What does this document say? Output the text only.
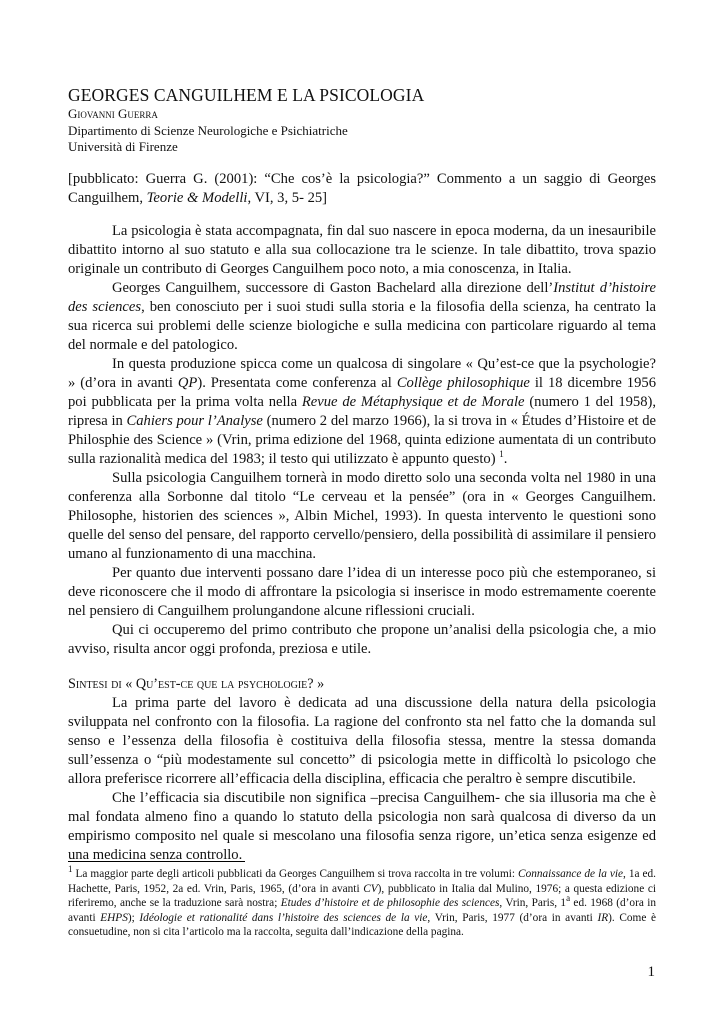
GEORGES CANGUILHEM E LA PSICOLOGIA
Giovanni Guerra
Dipartimento di Scienze Neurologiche e Psichiatriche
Università di Firenze
[pubblicato: Guerra G. (2001): “Che cos’è la psicologia?” Commento a un saggio di Georges Canguilhem, Teorie & Modelli, VI, 3, 5- 25]

La psicologia è stata accompagnata, fin dal suo nascere in epoca moderna, da un inesauribile dibattito intorno al suo statuto e alla sua collocazione tra le scienze. In tale dibattito, trova spazio originale un contributo di Georges Canguilhem poco noto, a mia conoscenza, in Italia.

Georges Canguilhem, successore di Gaston Bachelard alla direzione dell’Institut d’histoire des sciences, ben conosciuto per i suoi studi sulla storia e la filosofia della scienza, ha centrato la sua ricerca sui problemi delle scienze biologiche e sulla medicina con particolare riguardo al tema del normale e del patologico.

In questa produzione spicca come un qualcosa di singolare « Qu’est-ce que la psychologie? » (d’ora in avanti QP). Presentata come conferenza al Collège philosophique il 18 dicembre 1956 poi pubblicata per la prima volta nella Revue de Métaphysique et de Morale (numero 1 del 1958), ripresa in Cahiers pour l’Analyse (numero 2 del marzo 1966), la si trova in « Études d’Histoire et de Philosphie des Science » (Vrin, prima edizione del 1968, quinta edizione aumentata di un contributo sulla razionalità medica del 1983; il testo qui utilizzato è appunto questo) $^1$.

Sulla psicologia Canguilhem tornerà in modo diretto solo una seconda volta nel 1980 in una conferenza alla Sorbonne dal titolo “Le cerveau et la pensée” (ora in « Georges Canguilhem. Philosophe, historien des sciences », Albin Michel, 1993). In questa intervento le questioni sono quelle del senso del pensare, del rapporto cervello/pensiero, della possibilità di assimilare il pensiero umano al funzionamento di una macchina.

Per quanto due interventi possano dare l’idea di un interesse poco più che estemporaneo, si deve riconoscere che il modo di affrontare la psicologia si inserisce in modo estremamente coerente nel pensiero di Canguilhem prolungandone alcune riflessioni cruciali.

Qui ci occuperemo del primo contributo che propone un’analisi della psicologia che, a mio avviso, risulta ancor oggi profonda, preziosa e utile.

Sintesi di « Qu’est-ce que la psychologie? »

La prima parte del lavoro è dedicata ad una discussione della natura della psicologia sviluppata nel confronto con la filosofia. La ragione del confronto sta nel fatto che la domanda sul senso e l’essenza della filosofia è costituiva della filosofia stessa, mentre la stessa domanda sull’essenza o “più modestamente sul concetto” di psicologia mette in difficoltà lo psicologo che allora preferisce ricorrere all’efficacia della disciplina, efficacia che peraltro è sempre discutibile.

Che l’efficacia sia discutibile non significa –precisa Canguilhem- che sia illusoria ma che è mal fondata almeno fino a quando lo statuto della psicologia non sarà qualcosa di diverso da un empirismo composito nel quale si mescolano una filosofia senza rigore, un’etica senza esigenze ed una medicina senza controllo.

$^1$ La maggior parte degli articoli pubblicati da Georges Canguilhem si trova raccolta in tre volumi: Connaissance de la vie, 1a ed. Hachette, Paris, 1952, 2a ed. Vrin, Paris, 1965, (d’ora in avanti CV), pubblicato in Italia dal Mulino, 1976; a questa edizione ci riferiremo, anche se la traduzione sarà nostra; Etudes d’histoire et de philosophie des sciences, Vrin, Paris, 1$^a$ ed. 1968 (d’ora in avanti EHPS); Idéologie et rationalité dans l’histoire des sciences de la vie, Vrin, Paris, 1977 (d’ora in avanti IR). Come è consuetudine, non si cita l’articolo ma la raccolta, seguita dall’indicazione della pagina.
1
